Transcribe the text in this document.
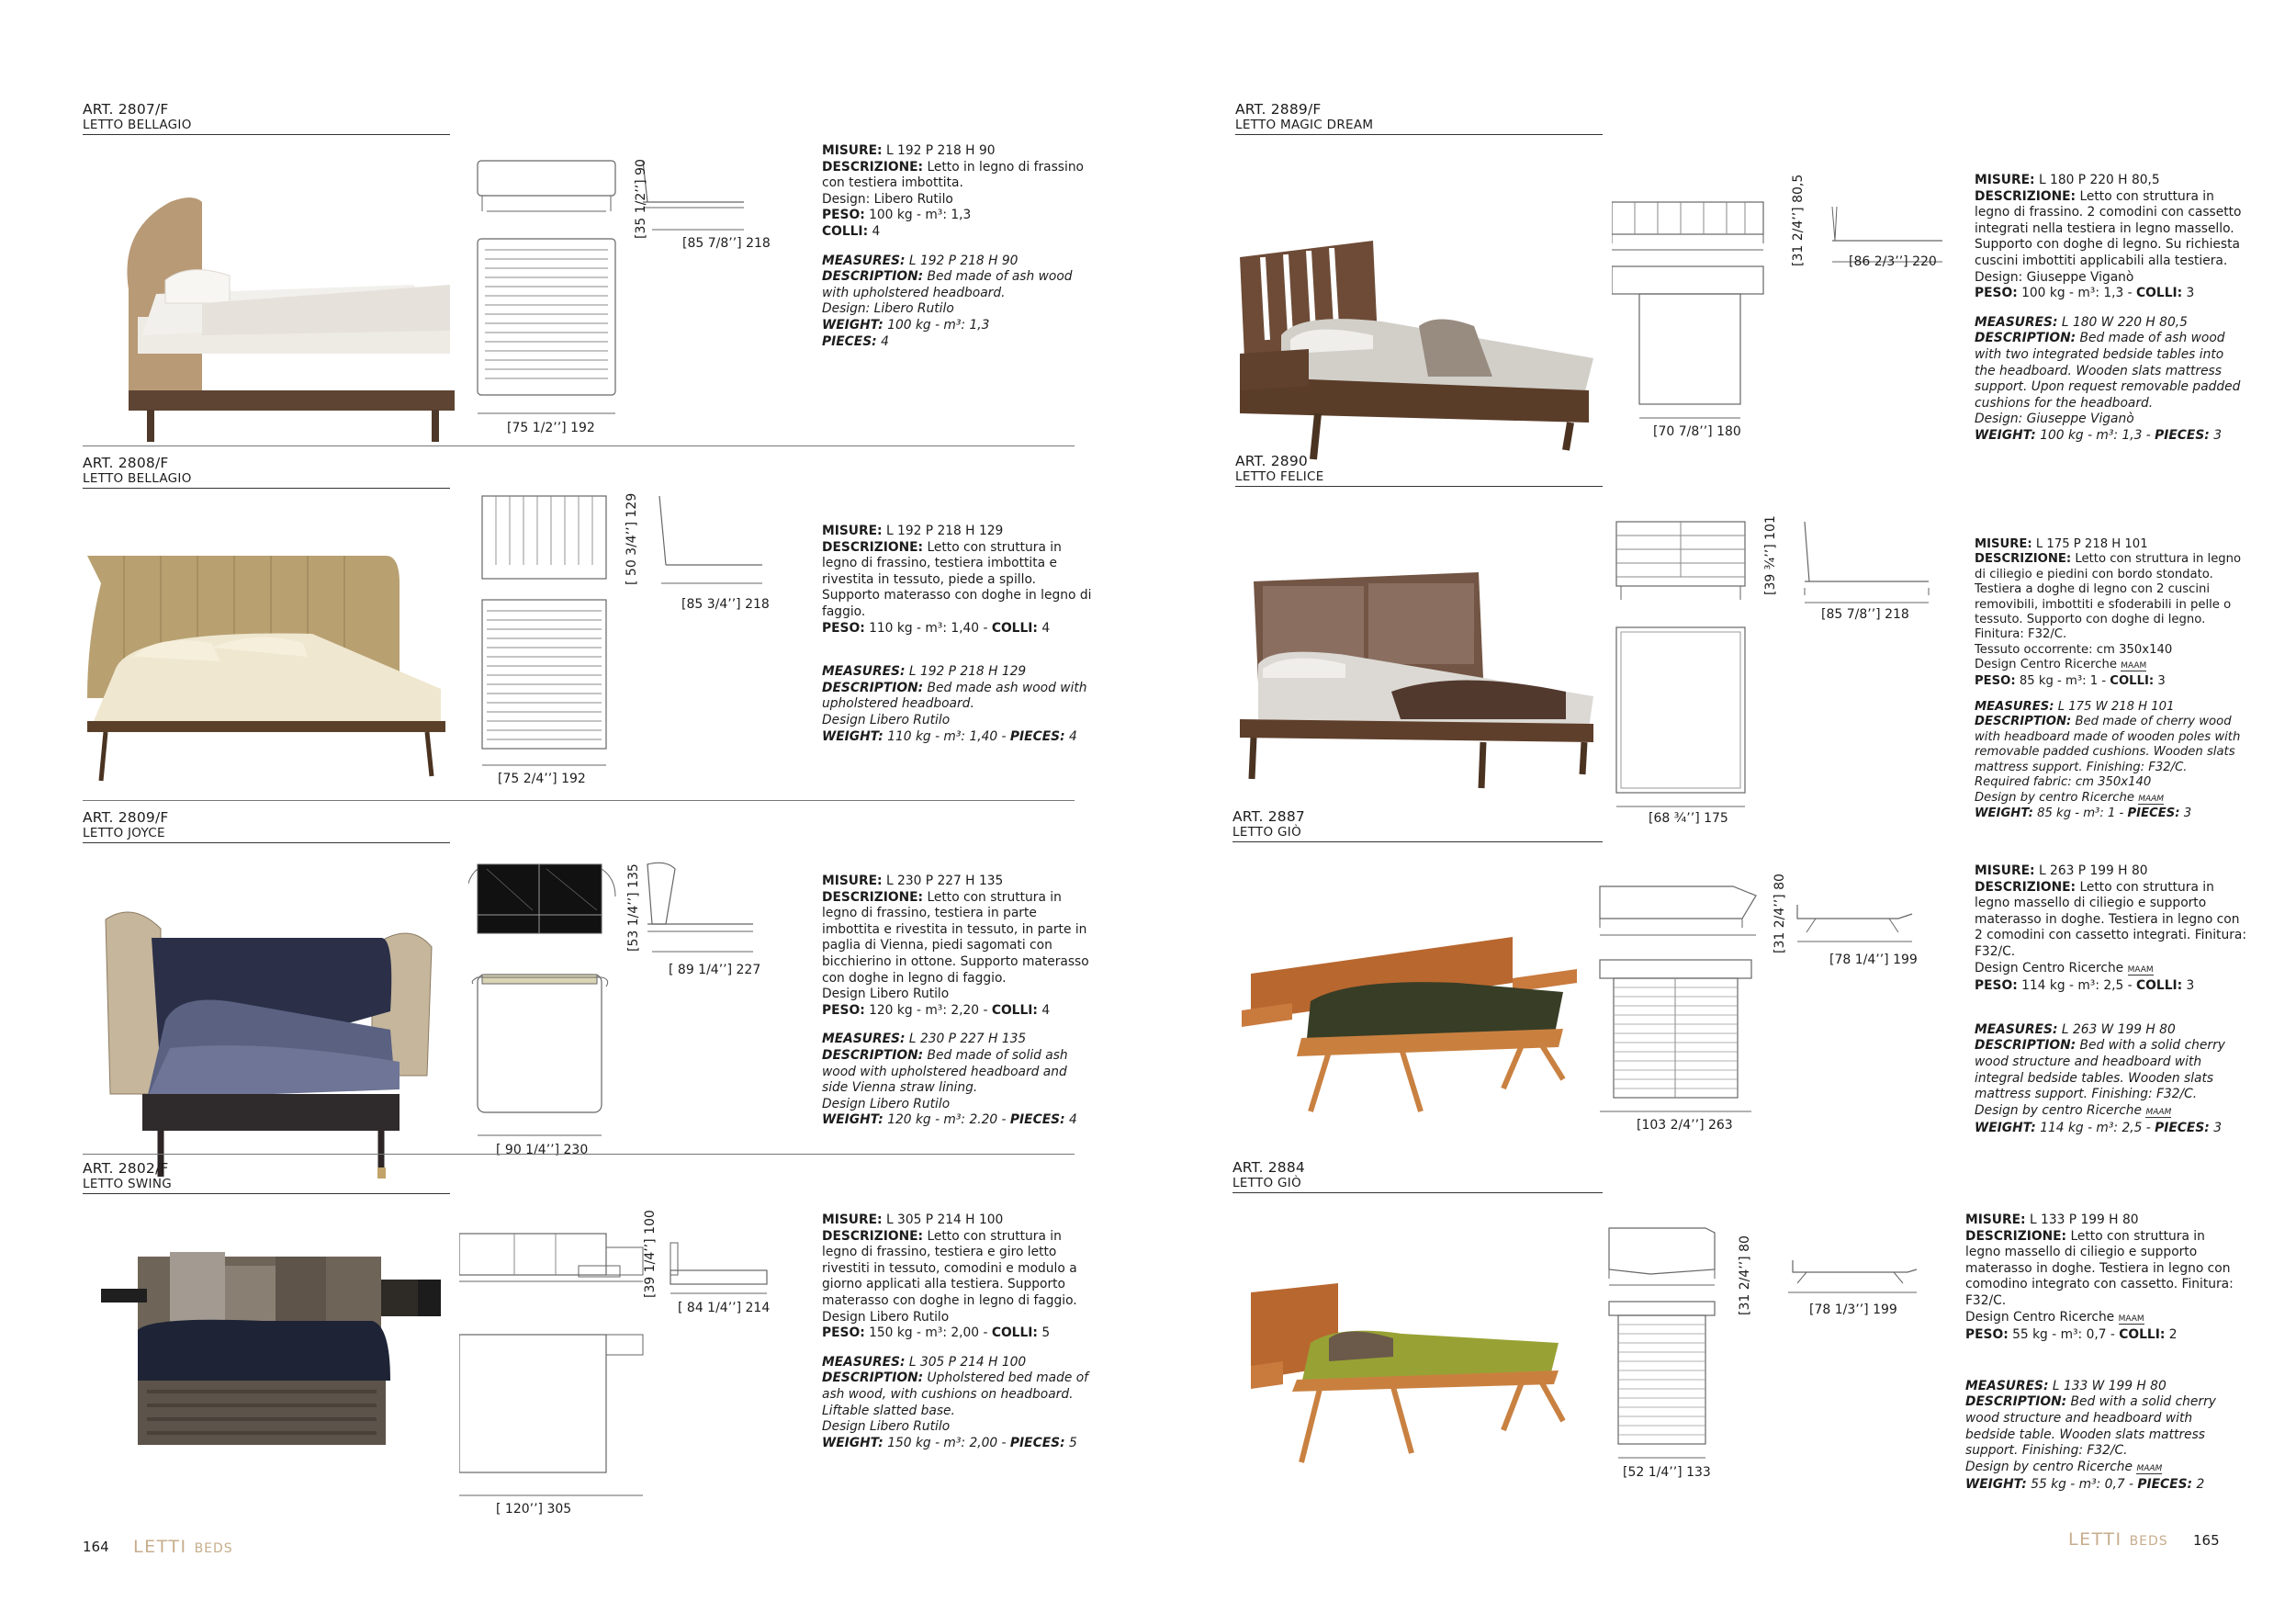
ART. 2807/F
LETTO BELLAGIO
[35 1/2’’] 90
[85 7/8’’] 218
[75 1/2’’] 192

MISURE: L 192 P 218 H 90

DESCRIZIONE: Letto in legno di frassino con testiera imbottita.

Design: Libero Rutilo

PESO: 100 kg - m³: 1,3

COLLI: 4

MEASURES: L 192 P 218 H 90

DESCRIPTION: Bed made of ash wood with upholstered headboard.

Design: Libero Rutilo

WEIGHT: 100 kg - m³: 1,3

PIECES: 4

ART. 2808/F
LETTO BELLAGIO
[ 50 3/4’’] 129
[85 3/4’’] 218
[75 2/4’’] 192

MISURE: L 192 P 218 H 129

DESCRIZIONE: Letto con struttura in legno di frassino, testiera imbottita e rivestita in tessuto, piede a spillo. Supporto materasso con doghe in legno di faggio.

PESO: 110 kg - m³: 1,40 - COLLI: 4

MEASURES: L 192 P 218 H 129

DESCRIPTION: Bed made ash wood with upholstered headboard.

Design Libero Rutilo

WEIGHT: 110 kg - m³: 1,40 - PIECES: 4

ART. 2809/F
LETTO JOYCE
[53 1/4’’] 135
[ 89 1/4’’] 227
[ 90 1/4’’] 230

MISURE: L 230 P 227 H 135

DESCRIZIONE: Letto con struttura in legno di frassino, testiera in parte imbottita e rivestita in tessuto, in parte in paglia di Vienna, piedi sagomati con bicchierino in ottone. Supporto materasso con doghe in legno di faggio.

Design Libero Rutilo

PESO: 120 kg - m³: 2,20 - COLLI: 4

MEASURES: L 230 P 227 H 135

DESCRIPTION: Bed made of solid ash wood with upholstered headboard and side Vienna straw lining.

Design Libero Rutilo

WEIGHT: 120 kg - m³: 2.20 - PIECES: 4

ART. 2802/F
LETTO SWING
[39 1/4’’] 100
[ 84 1/4’’] 214
[ 120’’] 305

MISURE: L 305 P 214 H 100

DESCRIZIONE: Letto con struttura in legno di frassino, testiera e giro letto rivestiti in tessuto, comodini e modulo a giorno applicati alla testiera. Supporto materasso con doghe in legno di faggio.

Design Libero Rutilo

PESO: 150 kg - m³: 2,00 - COLLI: 5

MEASURES: L 305 P 214 H 100

DESCRIPTION: Upholstered bed made of ash wood, with cushions on headboard. Liftable slatted base.

Design Libero Rutilo

WEIGHT: 150 kg - m³: 2,00 - PIECES: 5

164 LETTI BEDS
ART. 2889/F
LETTO MAGIC DREAM
[31 2/4’’] 80,5	[86 2/3’’] 220
[70 7/8’’] 180

MISURE: L 180 P 220 H 80,5

DESCRIZIONE: Letto con struttura in legno di frassino. 2 comodini con cassetto integrati nella testiera in legno massello. Supporto con doghe di legno. Su richiesta cuscini imbottiti applicabili alla testiera.

Design: Giuseppe Viganò

PESO: 100 kg - m³: 1,3 - COLLI: 3

MEASURES: L 180 W 220 H 80,5

DESCRIPTION: Bed made of ash wood with two integrated bedside tables into the headboard. Wooden slats mattress support. Upon request removable padded cushions for the headboard.

Design: Giuseppe Viganò

WEIGHT: 100 kg - m³: 1,3 - PIECES: 3

ART. 2890
LETTO FELICE
[39 ¾’’] 101
[85 7/8’’] 218
[68 ¾’’] 175

MISURE: L 175 P 218 H 101

DESCRIZIONE: Letto con struttura in legno di ciliegio e piedini con bordo stondato. Testiera a doghe di legno con 2 cuscini removibili, imbottiti e sfoderabili in pelle o tessuto. Supporto con doghe di legno. Finitura: F32/C.

Tessuto occorrente: cm 350x140

Design Centro Ricerche MAAM

PESO: 85 kg - m³: 1 - COLLI: 3

MEASURES: L 175 W 218 H 101

DESCRIPTION: Bed made of cherry wood with headboard made of wooden poles with removable padded cushions. Wooden slats mattress support. Finishing: F32/C.

Required fabric: cm 350x140

Design by centro Ricerche MAAM

WEIGHT: 85 kg - m³: 1 - PIECES: 3

ART. 2887
LETTO GIÒ
[31 2/4’’] 80
[78 1/4’’] 199
[103 2/4’’] 263

MISURE: L 263 P 199 H 80

DESCRIZIONE: Letto con struttura in legno massello di ciliegio e supporto materasso in doghe. Testiera in legno con 2 comodini con cassetto integrati. Finitura: F32/C.

Design Centro Ricerche MAAM

PESO: 114 kg - m³: 2,5 - COLLI: 3

MEASURES: L 263 W 199 H 80

DESCRIPTION: Bed with a solid cherry wood structure and headboard with integral bedside tables. Wooden slats mattress support. Finishing: F32/C.

Design by centro Ricerche MAAM

WEIGHT: 114 kg - m³: 2,5 - PIECES: 3

ART. 2884
LETTO GIÒ
[31 2/4’’] 80	[78 1/3’’] 199
[52 1/4’’] 133

MISURE: L 133 P 199 H 80

DESCRIZIONE: Letto con struttura in legno massello di ciliegio e supporto materasso in doghe. Testiera in legno con comodino integrato con cassetto. Finitura: F32/C.

Design Centro Ricerche MAAM

PESO: 55 kg - m³: 0,7 - COLLI: 2

MEASURES: L 133 W 199 H 80

DESCRIPTION: Bed with a solid cherry wood structure and headboard with bedside table. Wooden slats mattress support. Finishing: F32/C.

Design by centro Ricerche MAAM

WEIGHT: 55 kg - m³: 0,7 - PIECES: 2

LETTI BEDS 165
